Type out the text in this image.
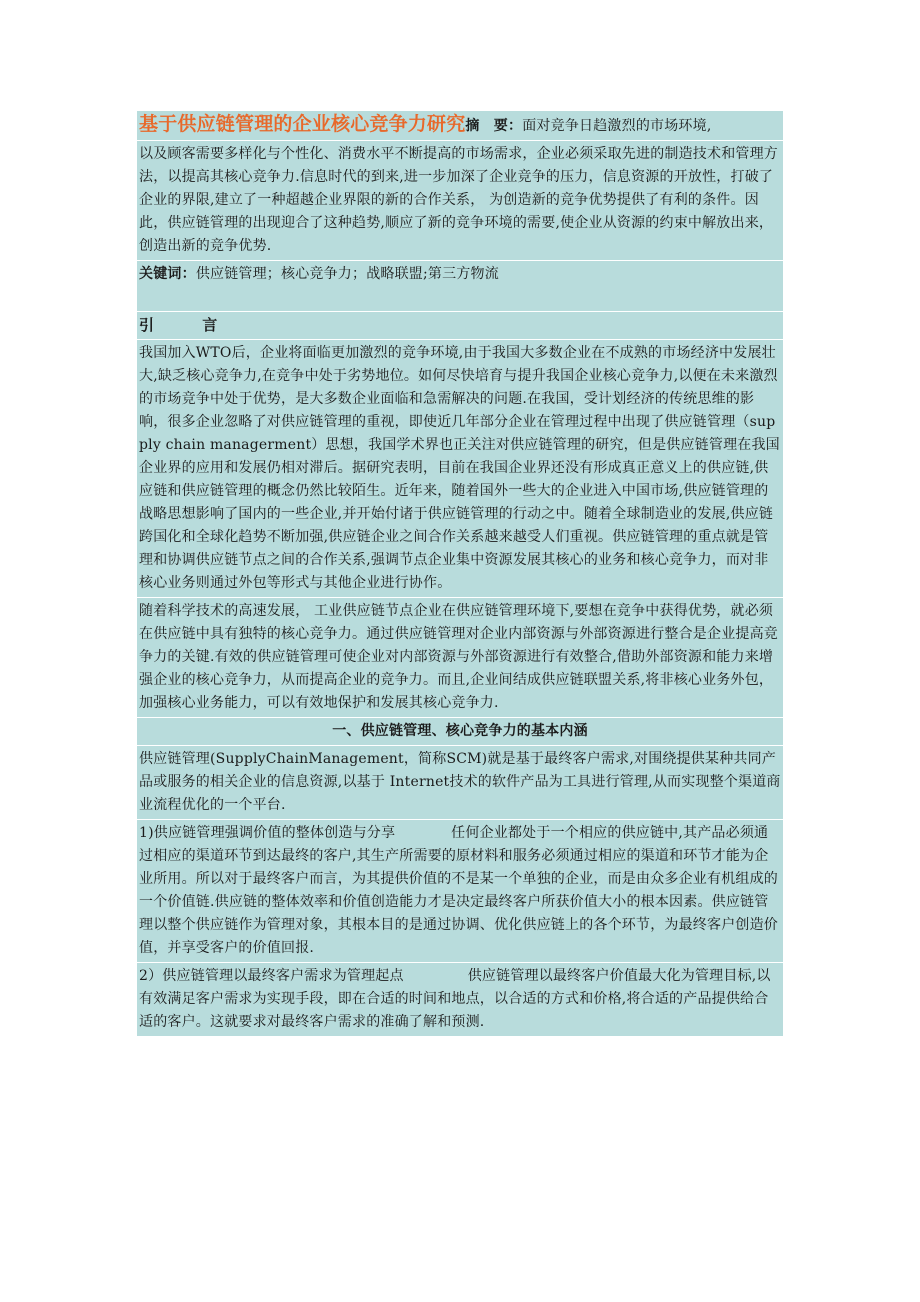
基于供应链管理的企业核心竞争力研究摘　要：面对竞争日趋激烈的市场环境,
以及顾客需要多样化与个性化、消费水平不断提高的市场需求，企业必须采取先进的制造技术和管理方法，以提高其核心竞争力.信息时代的到来,进一步加深了企业竞争的压力，信息资源的开放性，打破了企业的界限,建立了一种超越企业界限的新的合作关系， 为创造新的竞争优势提供了有利的条件。因此，供应链管理的出现迎合了这种趋势,顺应了新的竞争环境的需要,使企业从资源的约束中解放出来，创造出新的竞争优势.
关键词：供应链管理；核心竞争力；战略联盟;第三方物流
引	言
我国加入WTO后，企业将面临更加激烈的竞争环境,由于我国大多数企业在不成熟的市场经济中发展壮大,缺乏核心竞争力,在竞争中处于劣势地位。如何尽快培育与提升我国企业核心竞争力,以便在未来激烈的市场竞争中处于优势，是大多数企业面临和急需解决的问题.在我国，受计划经济的传统思维的影响，很多企业忽略了对供应链管理的重视，即使近几年部分企业在管理过程中出现了供应链管理（supply chain managerment）思想，我国学术界也正关注对供应链管理的研究，但是供应链管理在我国企业界的应用和发展仍相对滞后。据研究表明，目前在我国企业界还没有形成真正意义上的供应链,供应链和供应链管理的概念仍然比较陌生。近年来，随着国外一些大的企业进入中国市场,供应链管理的战略思想影响了国内的一些企业,并开始付诸于供应链管理的行动之中。随着全球制造业的发展,供应链跨国化和全球化趋势不断加强,供应链企业之间合作关系越来越受人们重视。供应链管理的重点就是管理和协调供应链节点之间的合作关系,强调节点企业集中资源发展其核心的业务和核心竞争力，而对非核心业务则通过外包等形式与其他企业进行协作。
随着科学技术的高速发展， 工业供应链节点企业在供应链管理环境下,要想在竞争中获得优势，就必须在供应链中具有独特的核心竞争力。通过供应链管理对企业内部资源与外部资源进行整合是企业提高竞争力的关键.有效的供应链管理可使企业对内部资源与外部资源进行有效整合,借助外部资源和能力来增强企业的核心竞争力，从而提高企业的竞争力。而且,企业间结成供应链联盟关系,将非核心业务外包， 加强核心业务能力，可以有效地保护和发展其核心竞争力.
一、供应链管理、核心竞争力的基本内涵
供应链管理(SupplyChainManagement，简称SCM)就是基于最终客户需求,对围绕提供某种共同产品或服务的相关企业的信息资源,以基于 Internet技术的软件产品为工具进行管理,从而实现整个渠道商业流程优化的一个平台.
1)供应链管理强调价值的整体创造与分享	任何企业都处于一个相应的供应链中,其产品必须通过相应的渠道环节到达最终的客户,其生产所需要的原材料和服务必须通过相应的渠道和环节才能为企业所用。所以对于最终客户而言，为其提供价值的不是某一个单独的企业，而是由众多企业有机组成的一个价值链.供应链的整体效率和价值创造能力才是决定最终客户所获价值大小的根本因素。供应链管理以整个供应链作为管理对象，其根本目的是通过协调、优化供应链上的各个环节，为最终客户创造价值，并享受客户的价值回报.
2）供应链管理以最终客户需求为管理起点	供应链管理以最终客户价值最大化为管理目标,以有效满足客户需求为实现手段，即在合适的时间和地点，以合适的方式和价格,将合适的产品提供给合适的客户。这就要求对最终客户需求的准确了解和预测.
